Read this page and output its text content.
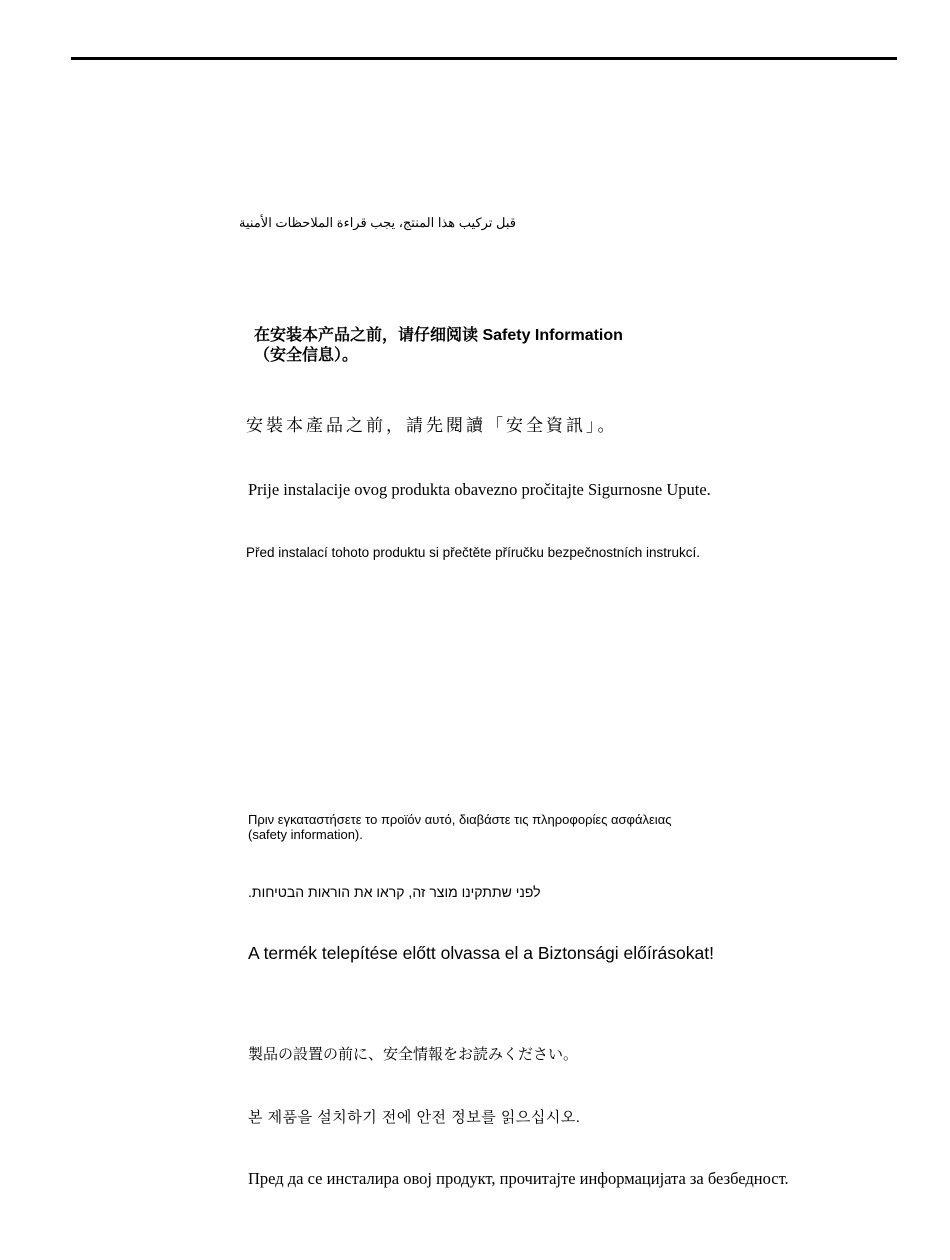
قبل تركيب هذا المنتج، يجب قراءة الملاحظات الأمنية

在安装本产品之前，请仔细阅读 Safety Information
（安全信息）。

安裝本產品之前，請先閱讀「安全資訊」。

Prije instalacije ovog produkta obavezno pročitajte Sigurnosne Upute.

Před instalací tohoto produktu si přečtěte příručku bezpečnostních instrukcí.

Πριν εγκαταστήσετε το προϊόν αυτό, διαβάστε τις πληροφορίες ασφάλειας
(safety information).

לפני שתתקינו מוצר זה, קראו את הוראות הבטיחות.

A termék telepítése előtt olvassa el a Biztonsági előírásokat!

製品の設置の前に、安全情報をお読みください。

본 제품을 설치하기 전에 안전 정보를 읽으십시오.

Пред да се инсталира овој продукт, прочитајте информацијата за безбедност.
